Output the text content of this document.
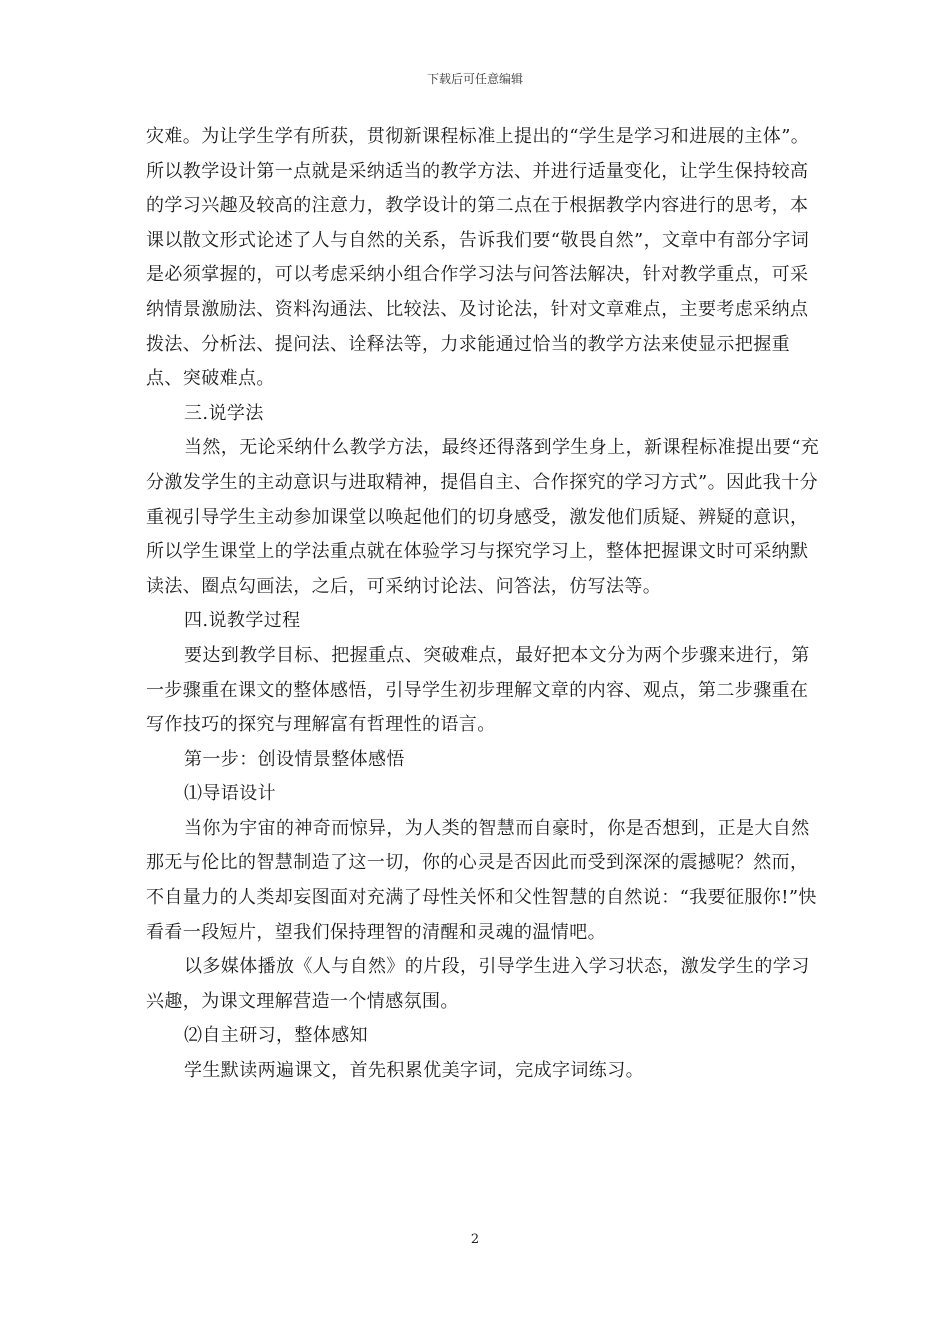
下载后可任意编辑

灾难。为让学生学有所获，贯彻新课程标准上提出的“学生是学习和进展的主体”。所以教学设计第一点就是采纳适当的教学方法、并进行适量变化，让学生保持较高的学习兴趣及较高的注意力，教学设计的第二点在于根据教学内容进行的思考，本课以散文形式论述了人与自然的关系，告诉我们要“敬畏自然”，文章中有部分字词是必须掌握的，可以考虑采纳小组合作学习法与问答法解决，针对教学重点，可采纳情景激励法、资料沟通法、比较法、及讨论法，针对文章难点，主要考虑采纳点拨法、分析法、提问法、诠释法等，力求能通过恰当的教学方法来使显示把握重点、突破难点。

三.说学法

当然，无论采纳什么教学方法，最终还得落到学生身上，新课程标准提出要“充分激发学生的主动意识与进取精神，提倡自主、合作探究的学习方式”。因此我十分重视引导学生主动参加课堂以唤起他们的切身感受，激发他们质疑、辨疑的意识，所以学生课堂上的学法重点就在体验学习与探究学习上，整体把握课文时可采纳默读法、圈点勾画法，之后，可采纳讨论法、问答法，仿写法等。

四.说教学过程

要达到教学目标、把握重点、突破难点，最好把本文分为两个步骤来进行，第一步骤重在课文的整体感悟，引导学生初步理解文章的内容、观点，第二步骤重在写作技巧的探究与理解富有哲理性的语言。

第一步：创设情景整体感悟

⑴导语设计

当你为宇宙的神奇而惊异，为人类的智慧而自豪时，你是否想到，正是大自然那无与伦比的智慧制造了这一切，你的心灵是否因此而受到深深的震撼呢？然而，不自量力的人类却妄图面对充满了母性关怀和父性智慧的自然说：“我要征服你!”快看看一段短片，望我们保持理智的清醒和灵魂的温情吧。

以多媒体播放《人与自然》的片段，引导学生进入学习状态，激发学生的学习兴趣，为课文理解营造一个情感氛围。

⑵自主研习，整体感知

学生默读两遍课文，首先积累优美字词，完成字词练习。

2
